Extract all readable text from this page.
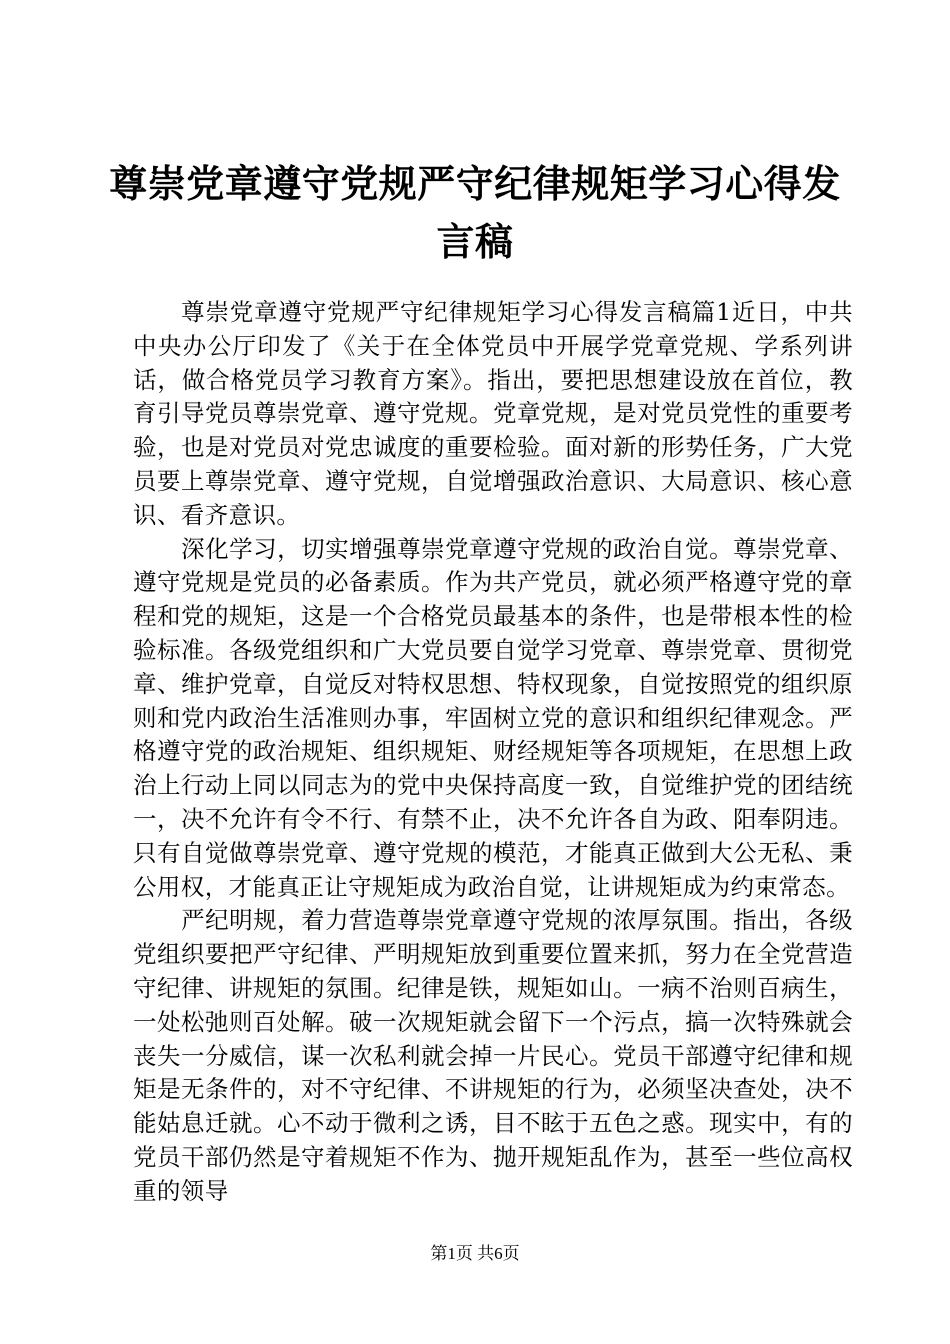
尊崇党章遵守党规严守纪律规矩学习心得发言稿

尊崇党章遵守党规严守纪律规矩学习心得发言稿篇1近日，中共中央办公厅印发了《关于在全体党员中开展学党章党规、学系列讲话，做合格党员学习教育方案》。指出，要把思想建设放在首位，教育引导党员尊崇党章、遵守党规。党章党规，是对党员党性的重要考验，也是对党员对党忠诚度的重要检验。面对新的形势任务，广大党员要上尊崇党章、遵守党规，自觉增强政治意识、大局意识、核心意识、看齐意识。

深化学习，切实增强尊崇党章遵守党规的政治自觉。尊崇党章、遵守党规是党员的必备素质。作为共产党员，就必须严格遵守党的章程和党的规矩，这是一个合格党员最基本的条件，也是带根本性的检验标准。各级党组织和广大党员要自觉学习党章、尊崇党章、贯彻党章、维护党章，自觉反对特权思想、特权现象，自觉按照党的组织原则和党内政治生活准则办事，牢固树立党的意识和组织纪律观念。严格遵守党的政治规矩、组织规矩、财经规矩等各项规矩，在思想上政治上行动上同以同志为的党中央保持高度一致，自觉维护党的团结统一，决不允许有令不行、有禁不止，决不允许各自为政、阳奉阴违。只有自觉做尊崇党章、遵守党规的模范，才能真正做到大公无私、秉公用权，才能真正让守规矩成为政治自觉，让讲规矩成为约束常态。

严纪明规，着力营造尊崇党章遵守党规的浓厚氛围。指出，各级党组织要把严守纪律、严明规矩放到重要位置来抓，努力在全党营造守纪律、讲规矩的氛围。纪律是铁，规矩如山。一病不治则百病生，一处松弛则百处解。破一次规矩就会留下一个污点，搞一次特殊就会丧失一分威信，谋一次私利就会掉一片民心。党员干部遵守纪律和规矩是无条件的，对不守纪律、不讲规矩的行为，必须坚决查处，决不能姑息迁就。心不动于微利之诱，目不眩于五色之惑。现实中，有的党员干部仍然是守着规矩不作为、抛开规矩乱作为，甚至一些位高权重的领导

第1页 共6页
